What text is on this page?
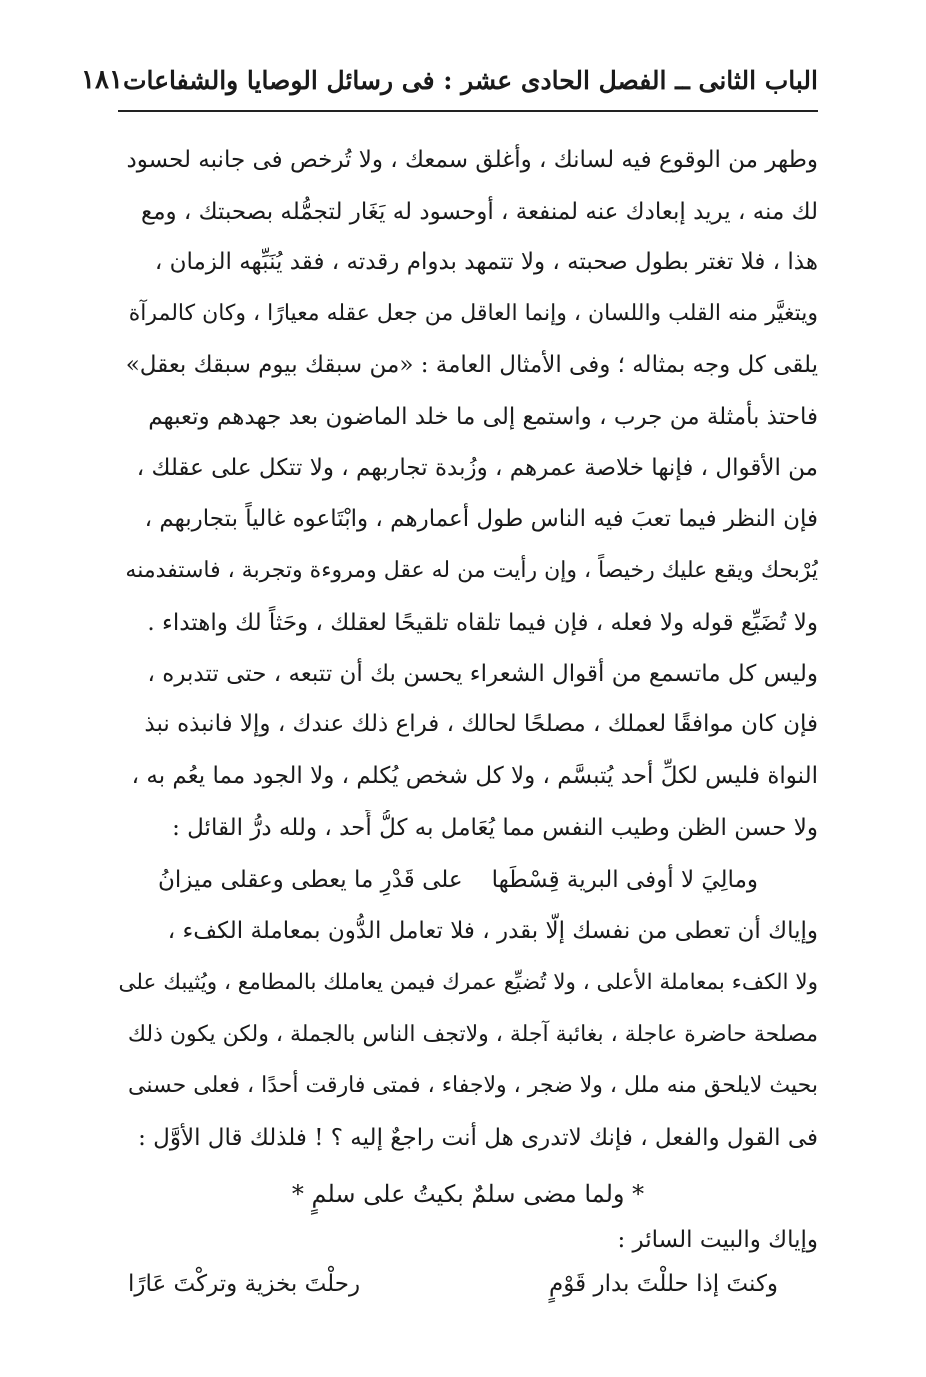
الباب الثانى ــ الفصل الحادى عشر : فى رسائل الوصايا والشفاعات
١٨١
وطهر من الوقوع فيه لسانك ، وأغلق سمعك ، ولا تُرخص فى جانبه لحسود
لك منه ، يريد إبعادك عنه لمنفعة ، أوحسود له يَغَار لتجمُّله بصحبتك ، ومع
هذا ، فلا تغتر بطول صحبته ، ولا تتمهد بدوام رقدته ، فقد يُنَبِّهه الزمان ،
ويتغيَّر منه القلب واللسان ، وإنما العاقل من جعل عقله معيارًا ، وكان كالمرآة
يلقى كل وجه بمثاله ؛ وفى الأمثال العامة : «من سبقك بيوم سبقك بعقل»
فاحتذ بأمثلة من جرب ، واستمع إلى ما خلد الماضون بعد جهدهم وتعبهم
من الأقوال ، فإنها خلاصة عمرهم ، وزُبدة تجاربهم ، ولا تتكل على عقلك ،
فإن النظر فيما تعبَ فيه الناس طول أعمارهم ، وابْتَاعوه غالياً بتجاربهم ،
يُرْبحك ويقع عليك رخيصاً ، وإن رأيت من له عقل ومروءة وتجربة ، فاستفدمنه
ولا تُضَيِّع قوله ولا فعله ، فإن فيما تلقاه تلقيحًا لعقلك ، وحَثاً لك واهتداء .
وليس كل ماتسمع من أقوال الشعراء يحسن بك أن تتبعه ، حتى تتدبره ،
فإن كان موافقًا لعملك ، مصلحًا لحالك ، فراع ذلك عندك ، وإلا فانبذه نبذ
النواة فليس لكلِّ أحد يُتبسَّم ، ولا كل شخص يُكلم ، ولا الجود مما يعُم به ،
ولا حسن الظن وطيب النفس مما يُعَامل به كلُّ أَحد ، ولله درُّ القائل :
ومالِيَ لا أوفى البرية قِسْطَها
على قَدْرِ ما يعطى وعقلى ميزانُ
وإياك أن تعطى من نفسك إلَّا بقدر ، فلا تعامل الدُّون بمعاملة الكفء ،
ولا الكفء بمعاملة الأعلى ، ولا تُضيِّع عمرك فيمن يعاملك بالمطامع ، ويُثيبك على
مصلحة حاضرة عاجلة ، بغائبة آجلة ، ولاتجف الناس بالجملة ، ولكن يكون ذلك
بحيث لايلحق منه ملل ، ولا ضجر ، ولاجفاء ، فمتى فارقت أحدًا ، فعلى حسنى
فى القول والفعل ، فإنك لاتدرى هل أنت راجعٌ إليه ؟ ! فلذلك قال الأوَّل :
* ولما مضى سلمٌ بكيتُ على سلمٍ *
وإياك والبيت السائر :
وكنتَ إذا حللْتَ بدار قَوْمٍ
رحلْتَ بخزية وتركْتَ عَارًا
